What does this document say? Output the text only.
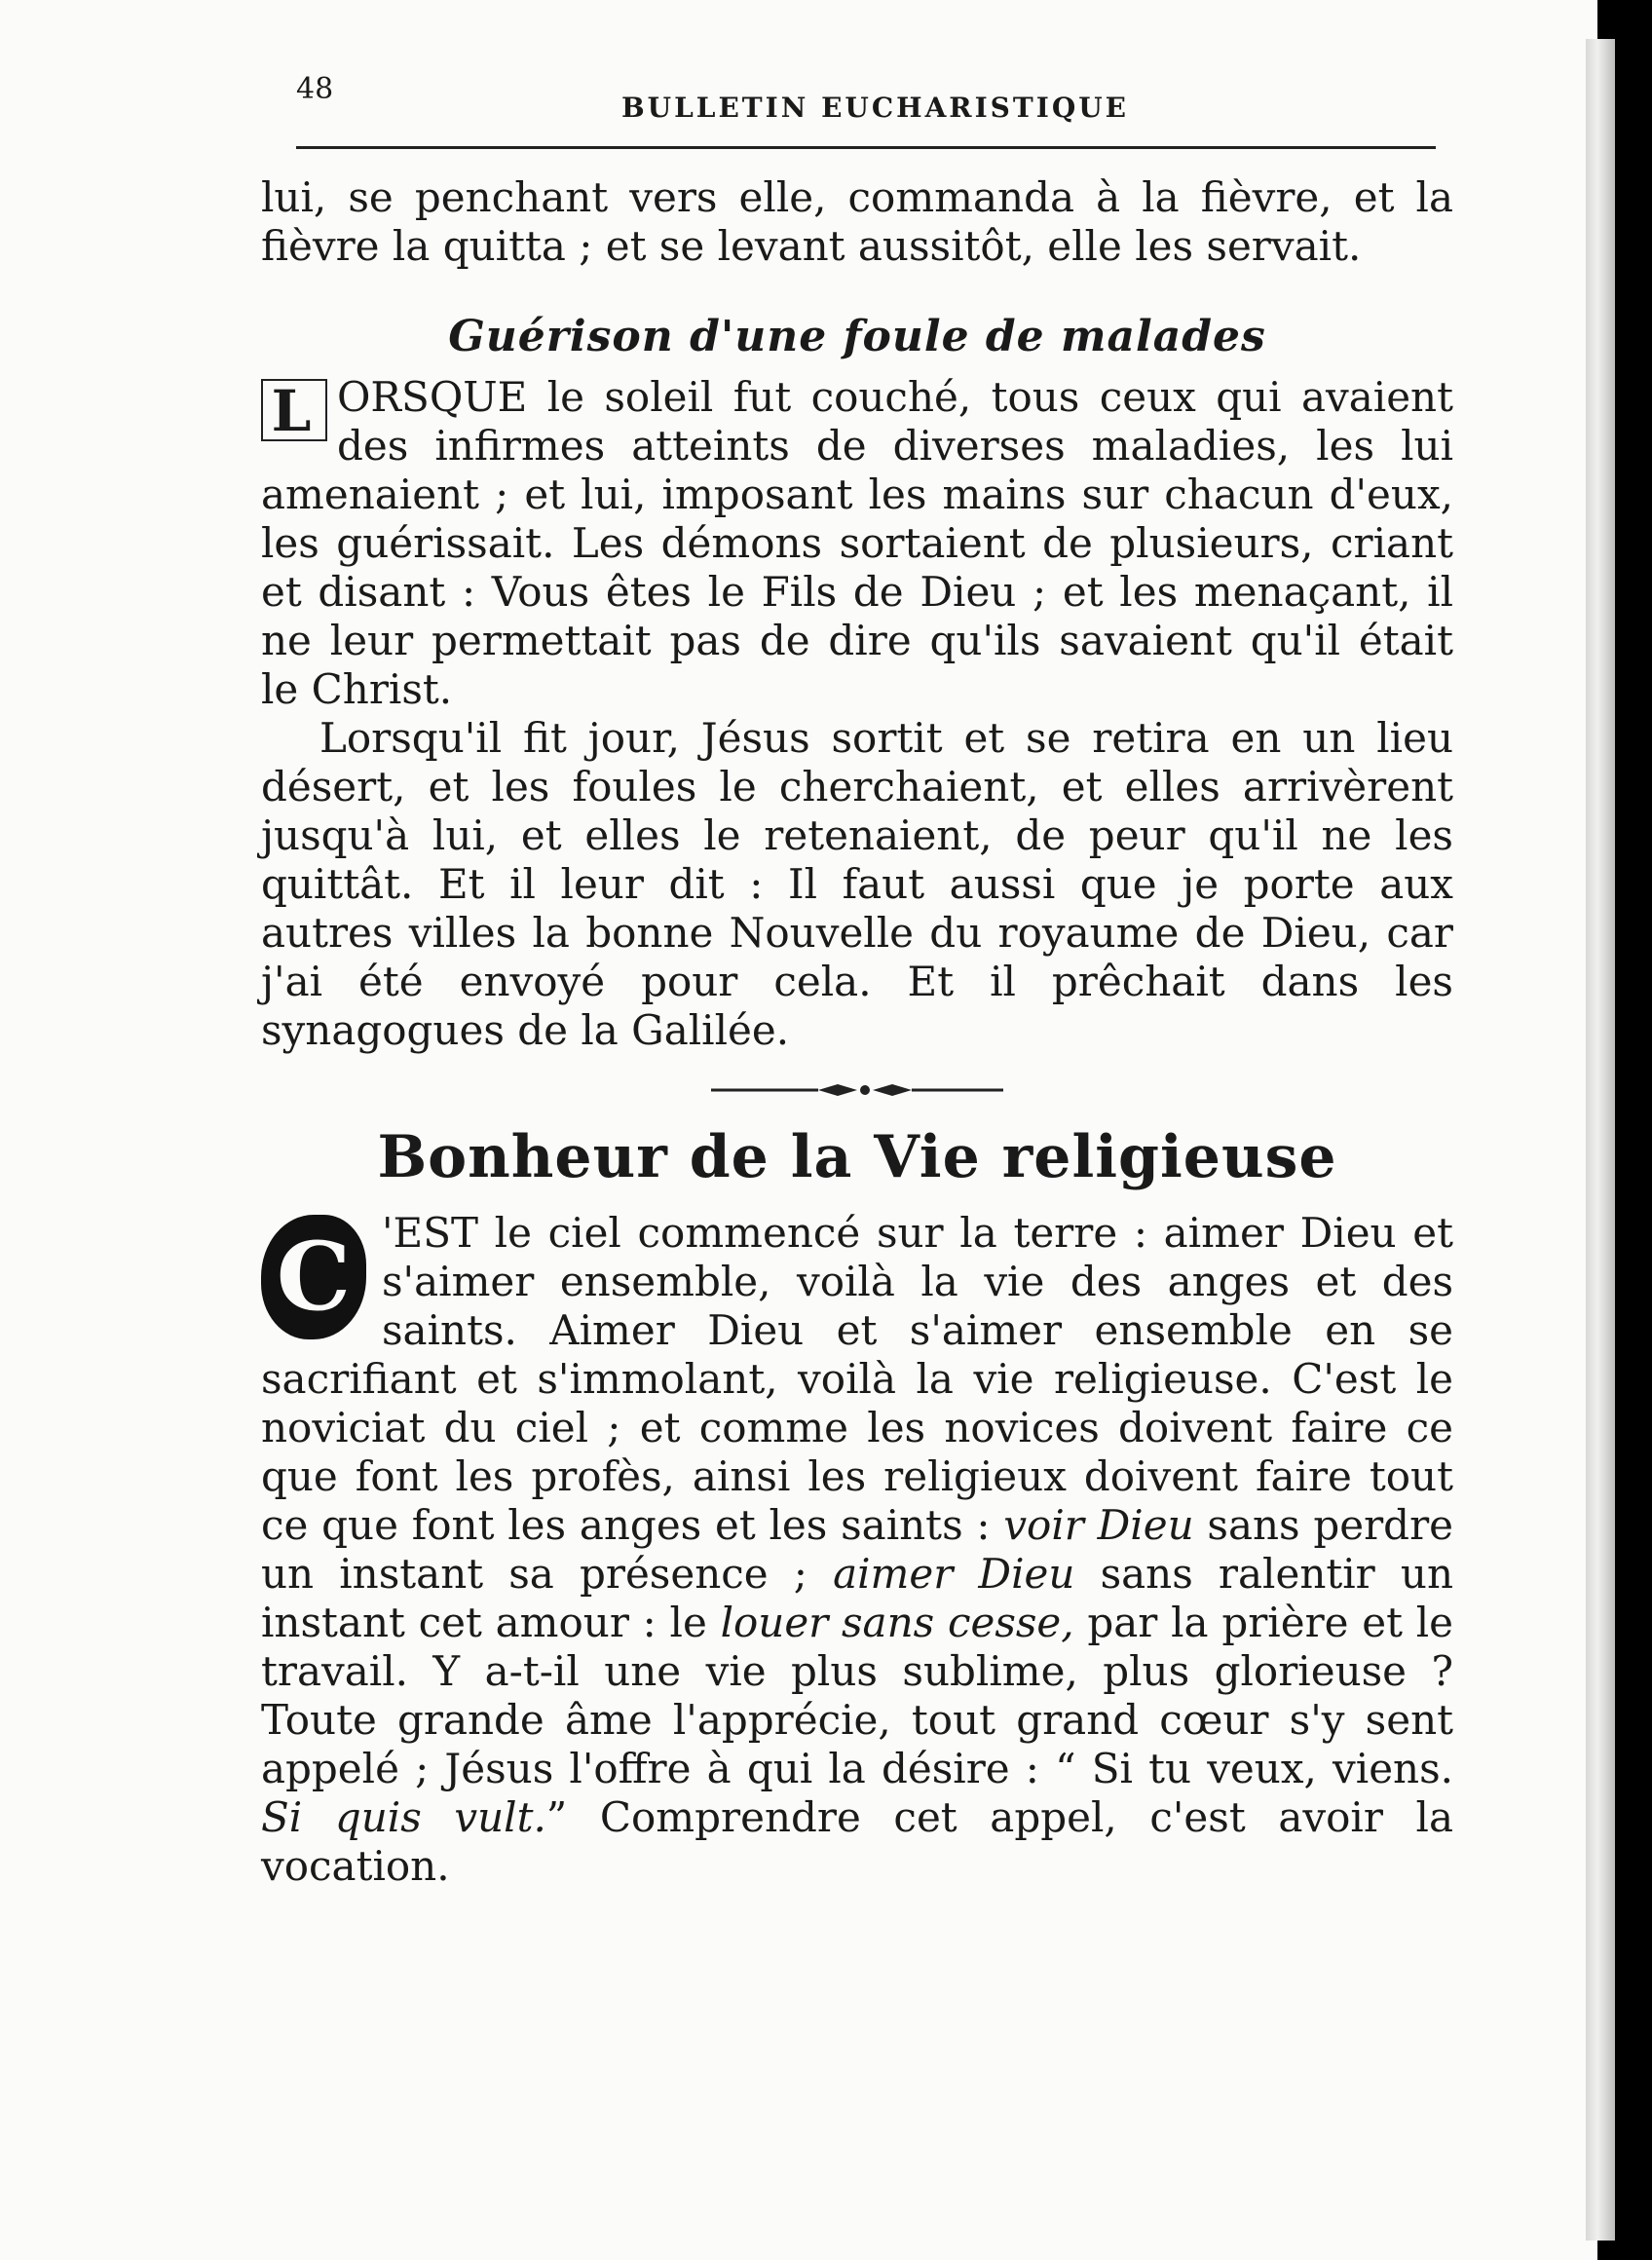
48
BULLETIN EUCHARISTIQUE

lui, se penchant vers elle, commanda à la fièvre, et la fièvre la quitta ; et se levant aussitôt, elle les servait.

Guérison d'une foule de malades

L ORSQUE le soleil fut couché, tous ceux qui avaient des infirmes atteints de diverses maladies, les lui amenaient ; et lui, imposant les mains sur chacun d'eux, les guérissait. Les démons sortaient de plusieurs, criant et disant : Vous êtes le Fils de Dieu ; et les menaçant, il ne leur permettait pas de dire qu'ils savaient qu'il était le Christ.

Lorsqu'il fit jour, Jésus sortit et se retira en un lieu désert, et les foules le cherchaient, et elles arrivèrent jusqu'à lui, et elles le retenaient, de peur qu'il ne les quittât. Et il leur dit : Il faut aussi que je porte aux autres villes la bonne Nouvelle du royaume de Dieu, car j'ai été envoyé pour cela. Et il prêchait dans les synagogues de la Galilée.

Bonheur de la Vie religieuse

C 'EST le ciel commencé sur la terre : aimer Dieu et s'aimer ensemble, voilà la vie des anges et des saints. Aimer Dieu et s'aimer ensemble en se sacrifiant et s'immolant, voilà la vie religieuse. C'est le noviciat du ciel ; et comme les novices doivent faire ce que font les profès, ainsi les religieux doivent faire tout ce que font les anges et les saints : voir Dieu sans perdre un instant sa présence ; aimer Dieu sans ralentir un instant cet amour : le louer sans cesse, par la prière et le travail. Y a-t-il une vie plus sublime, plus glorieuse ? Toute grande âme l'apprécie, tout grand cœur s'y sent appelé ; Jésus l'offre à qui la désire : “ Si tu veux, viens. Si quis vult.” Comprendre cet appel, c'est avoir la vocation.
